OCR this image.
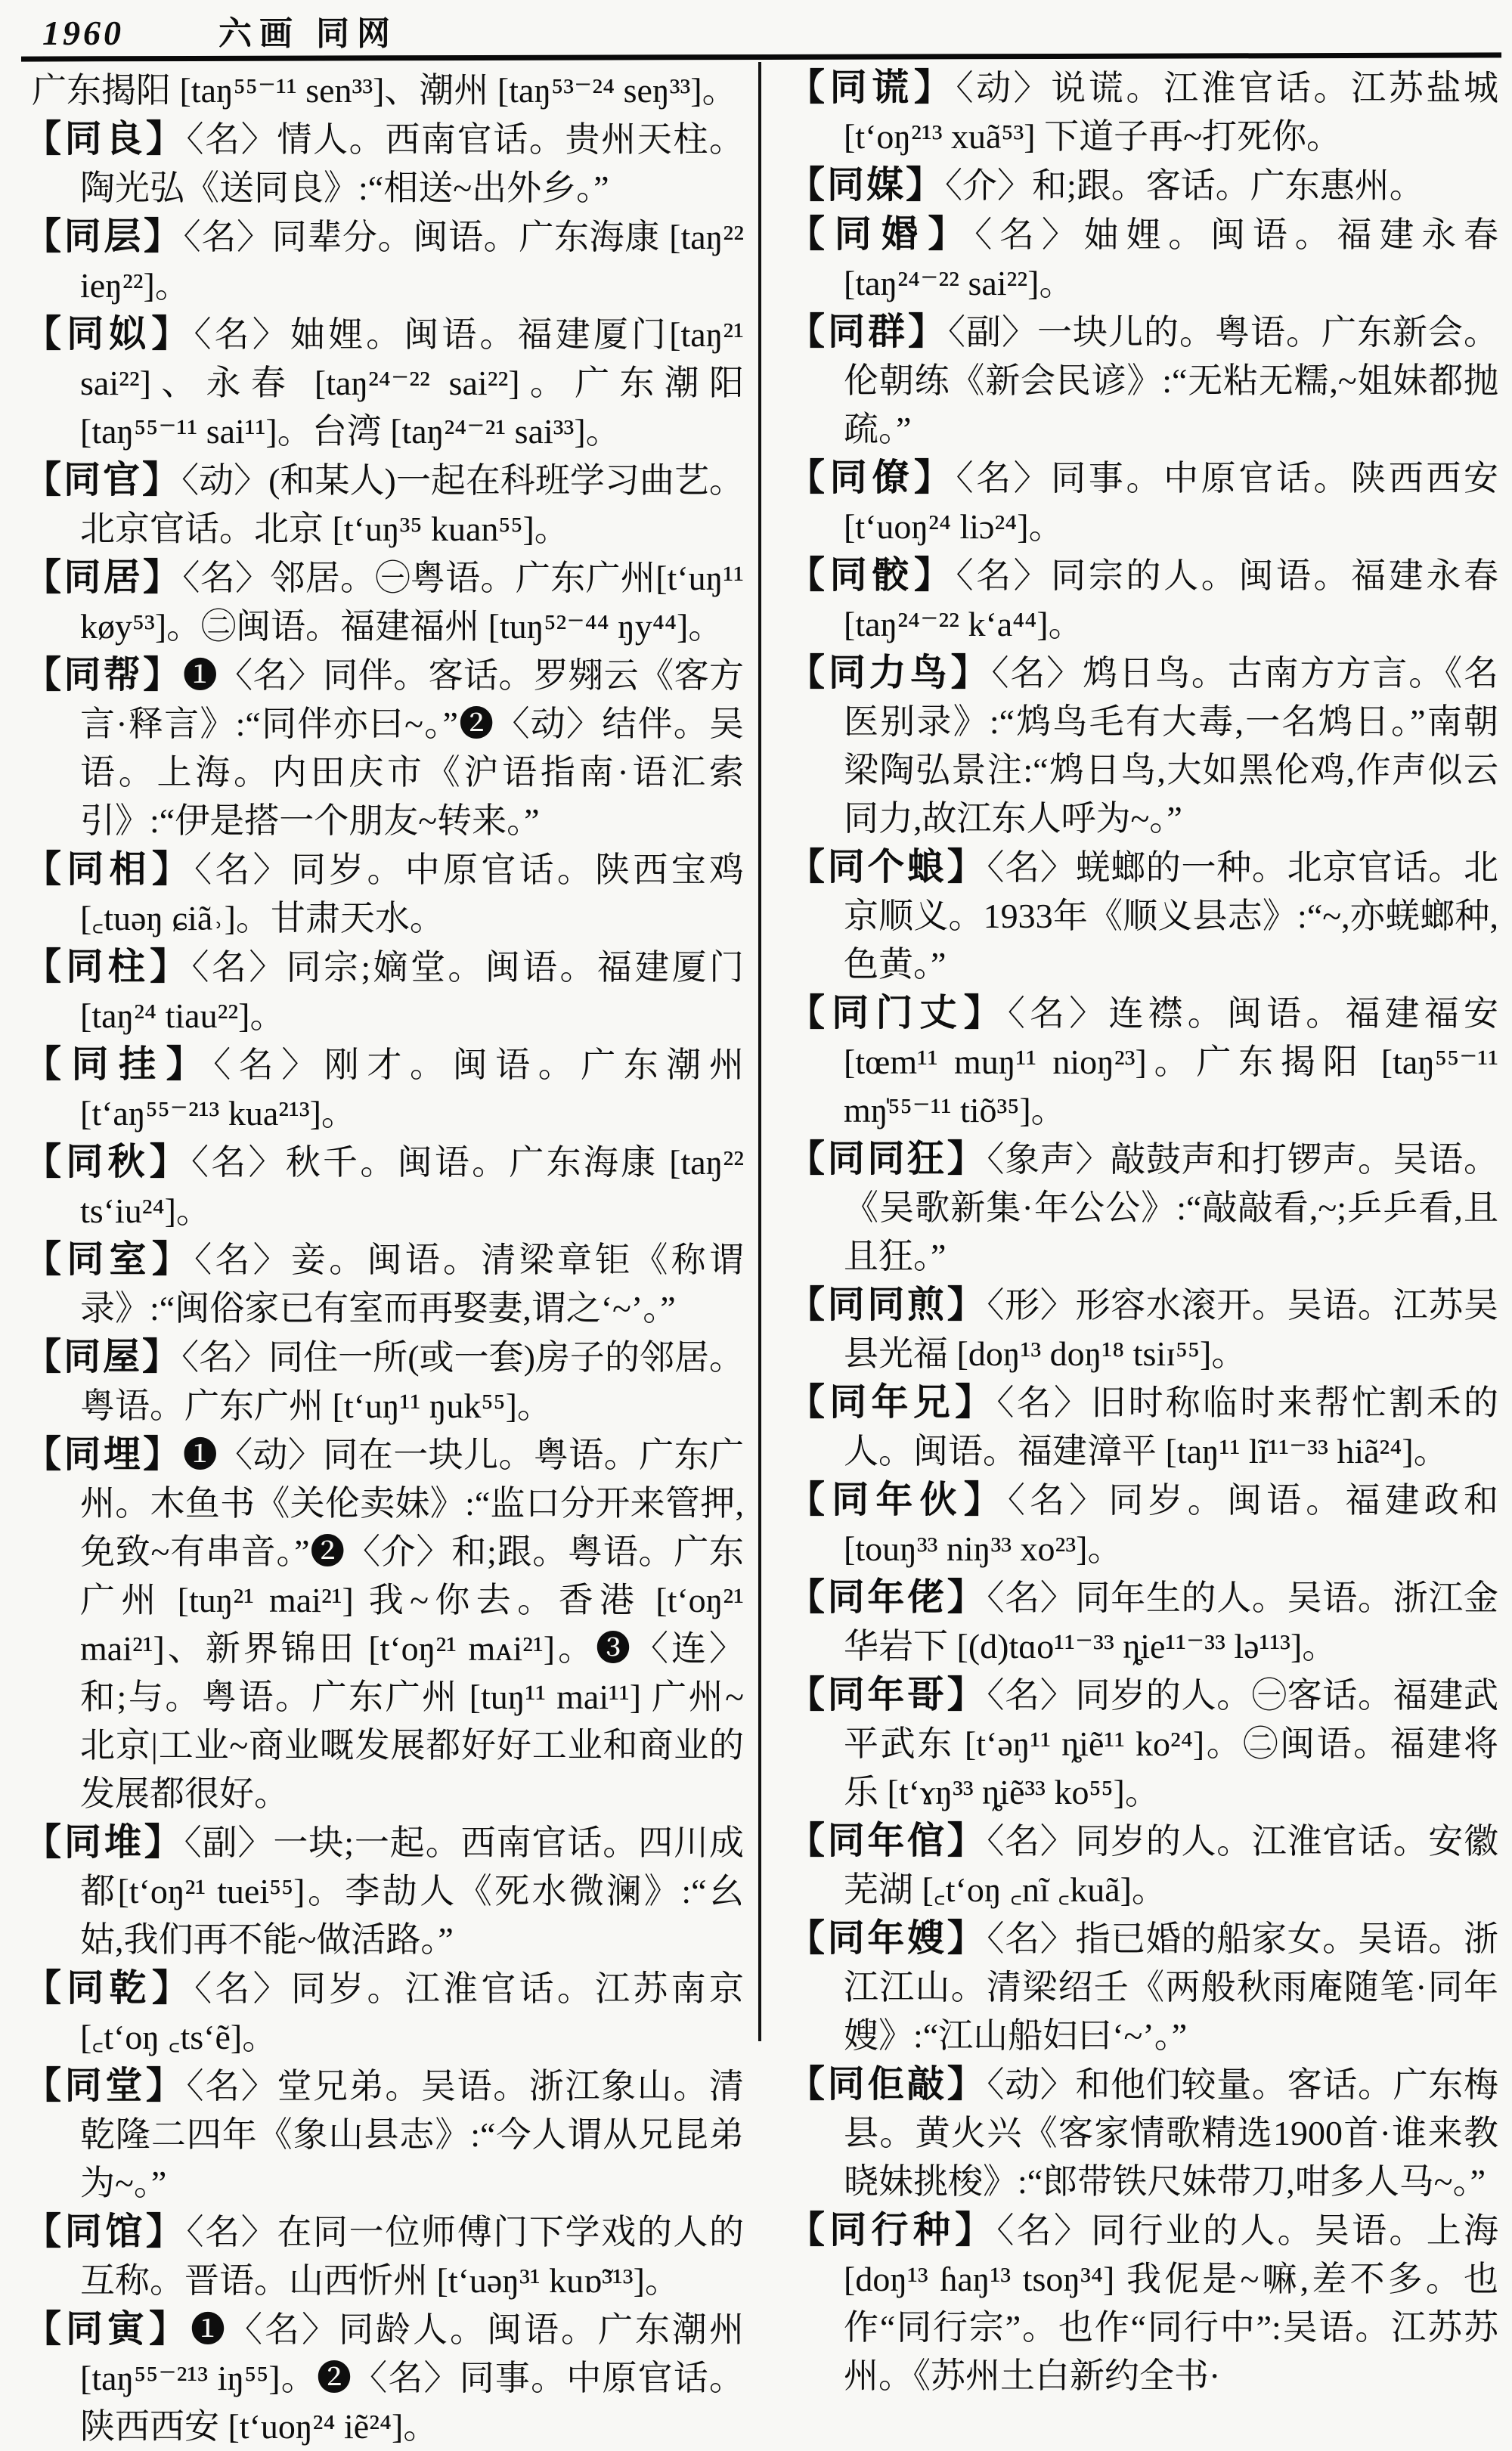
1960	六画 同网

广东揭阳 [taŋ⁵⁵⁻¹¹ sen³³]、潮州 [taŋ⁵³⁻²⁴ seŋ³³]。

【同良】〈名〉情人。西南官话。贵州天柱。陶光弘《送同良》:“相送~出外乡。”

【同层】〈名〉同辈分。闽语。广东海康 [taŋ²² ieŋ²²]。

【同姒】〈名〉妯娌。闽语。福建厦门[taŋ²¹ sai²²]、永春 [taŋ²⁴⁻²² sai²²]。广东潮阳 [taŋ⁵⁵⁻¹¹ sai¹¹]。台湾 [taŋ²⁴⁻²¹ sai³³]。

【同官】〈动〉(和某人)一起在科班学习曲艺。北京官话。北京 [t‘uŋ³⁵ kuan⁵⁵]。

【同居】〈名〉邻居。㊀粤语。广东广州[t‘uŋ¹¹ køy⁵³]。㊁闽语。福建福州 [tuŋ⁵²⁻⁴⁴ ŋy⁴⁴]。

【同帮】❶〈名〉同伴。客话。罗翙云《客方言·释言》:“同伴亦曰~。”❷〈动〉结伴。吴语。上海。内田庆市《沪语指南·语汇索引》:“伊是搭一个朋友~转来。”

【同相】〈名〉同岁。中原官话。陕西宝鸡 [꜀tuəŋ ɕiã˒]。甘肃天水。

【同柱】〈名〉同宗;嫡堂。闽语。福建厦门[taŋ²⁴ tiau²²]。

【同挂】〈名〉刚才。闽语。广东潮州[t‘aŋ⁵⁵⁻²¹³ kua²¹³]。

【同秋】〈名〉秋千。闽语。广东海康 [taŋ²² ts‘iu²⁴]。

【同室】〈名〉妾。闽语。清梁章钜《称谓录》:“闽俗家已有室而再娶妻,谓之‘~’。”

【同屋】〈名〉同住一所(或一套)房子的邻居。粤语。广东广州 [t‘uŋ¹¹ ŋuk⁵⁵]。

【同埋】❶〈动〉同在一块儿。粤语。广东广州。木鱼书《关伦卖妹》:“监口分开来管押,免致~有串音。”❷〈介〉和;跟。粤语。广东广州 [tuŋ²¹ mai²¹] 我~你去。香港 [t‘oŋ²¹ mai²¹]、新界锦田 [t‘oŋ²¹ mᴀi²¹]。❸〈连〉和;与。粤语。广东广州 [tuŋ¹¹ mai¹¹] 广州~北京|工业~商业嘅发展都好好工业和商业的发展都很好。

【同堆】〈副〉一块;一起。西南官话。四川成都[t‘oŋ²¹ tuei⁵⁵]。李劼人《死水微澜》:“幺姑,我们再不能~做活路。”

【同乾】〈名〉同岁。江淮官话。江苏南京 [꜀t‘oŋ ꜀ts‘ẽ]。

【同堂】〈名〉堂兄弟。吴语。浙江象山。清乾隆二四年《象山县志》:“今人谓从兄昆弟为~。”

【同馆】〈名〉在同一位师傅门下学戏的人的互称。晋语。山西忻州 [t‘uəŋ³¹ kuɒ̃³¹³]。

【同寅】❶〈名〉同龄人。闽语。广东潮州 [taŋ⁵⁵⁻²¹³ iŋ⁵⁵]。❷〈名〉同事。中原官话。陕西西安 [t‘uoŋ²⁴ iẽ²⁴]。

【同谎】〈动〉说谎。江淮官话。江苏盐城 [t‘oŋ²¹³ xuã⁵³] 下道子再~打死你。

【同媒】〈介〉和;跟。客话。广东惠州。

【同㛰】〈名〉妯娌。闽语。福建永春 [taŋ²⁴⁻²² sai²²]。

【同群】〈副〉一块儿的。粤语。广东新会。伦朝练《新会民谚》:“无粘无糯,~姐妹都抛疏。”

【同僚】〈名〉同事。中原官话。陕西西安 [t‘uoŋ²⁴ liɔ²⁴]。

【同骹】〈名〉同宗的人。闽语。福建永春 [taŋ²⁴⁻²² k‘a⁴⁴]。

【同力鸟】〈名〉鸩日鸟。古南方方言。《名医别录》:“鸩鸟毛有大毒,一名鸩日。”南朝梁陶弘景注:“鸩日鸟,大如黑伦鸡,作声似云同力,故江东人呼为~。”

【同个蜋】〈名〉蜣螂的一种。北京官话。北京顺义。1933年《顺义县志》:“~,亦蜣螂种,色黄。”

【同门丈】〈名〉连襟。闽语。福建福安[tœm¹¹ muŋ¹¹ nioŋ²³]。广东揭阳 [taŋ⁵⁵⁻¹¹ mŋ̍⁵⁵⁻¹¹ tiõ³⁵]。

【同同狂】〈象声〉敲鼓声和打锣声。吴语。《吴歌新集·年公公》:“敲敲看,~;乒乒看,且且狂。”

【同同煎】〈形〉形容水滚开。吴语。江苏吴县光福 [doŋ¹³ doŋ¹⁸ tsiɪ⁵⁵]。

【同年兄】〈名〉旧时称临时来帮忙割禾的人。闽语。福建漳平 [taŋ¹¹ lĩ¹¹⁻³³ hiã²⁴]。

【同年伙】〈名〉同岁。闽语。福建政和[touŋ³³ niŋ³³ xo²³]。

【同年佬】〈名〉同年生的人。吴语。浙江金华岩下 [(d)tɑo¹¹⁻³³ ȵie¹¹⁻³³ lə¹¹³]。

【同年哥】〈名〉同岁的人。㊀客话。福建武平武东 [t‘əŋ¹¹ ȵiẽ¹¹ ko²⁴]。㊁闽语。福建将乐 [t‘ɤŋ³³ ȵiẽ³³ ko⁵⁵]。

【同年倌】〈名〉同岁的人。江淮官话。安徽芜湖 [꜀t‘oŋ ꜀nĩ ꜀kuã]。

【同年嫂】〈名〉指已婚的船家女。吴语。浙江江山。清梁绍壬《两般秋雨庵随笔·同年嫂》:“江山船妇曰‘~’。”

【同佢敲】〈动〉和他们较量。客话。广东梅县。黄火兴《客家情歌精选1900首·谁来教晓妹挑梭》:“郎带铁尺妹带刀,咁多人马~。”

【同行种】〈名〉同行业的人。吴语。上海 [doŋ¹³ ɦaŋ¹³ tsoŋ³⁴] 我伲是~嘛,差不多。也作“同行宗”。也作“同行中”:吴语。江苏苏州。《苏州土白新约全书·
